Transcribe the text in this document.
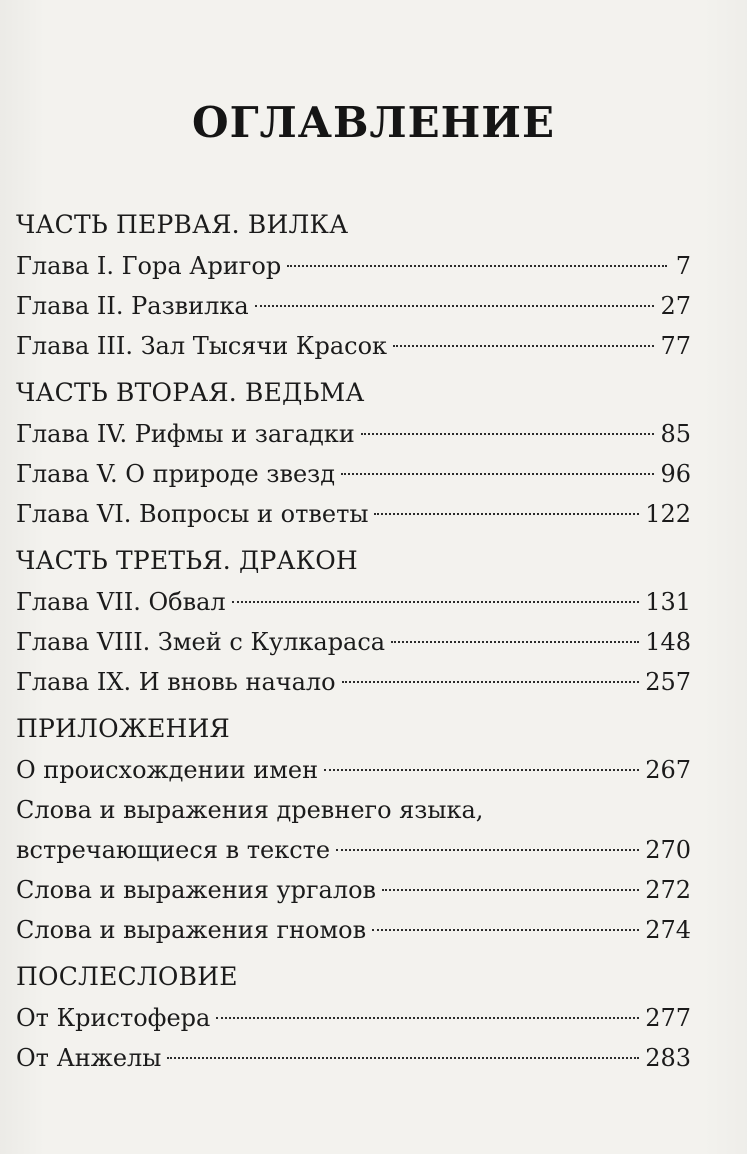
ОГЛАВЛЕНИЕ
ЧАСТЬ ПЕРВАЯ. ВИЛКА
Глава I. Гора Аригор	7
Глава II. Развилка	27
Глава III. Зал Тысячи Красок	77
ЧАСТЬ ВТОРАЯ. ВЕДЬМА
Глава IV. Рифмы и загадки	85
Глава V. О природе звезд	96
Глава VI. Вопросы и ответы	122
ЧАСТЬ ТРЕТЬЯ. ДРАКОН
Глава VII. Обвал	131
Глава VIII. Змей с Кулкараса	148
Глава IX. И вновь начало	257
ПРИЛОЖЕНИЯ
О происхождении имен	267
Слова и выражения древнего языка,
встречающиеся в тексте	270
Слова и выражения ургалов	272
Слова и выражения гномов	274
ПОСЛЕСЛОВИЕ
От Кристофера	277
От Анжелы	283
